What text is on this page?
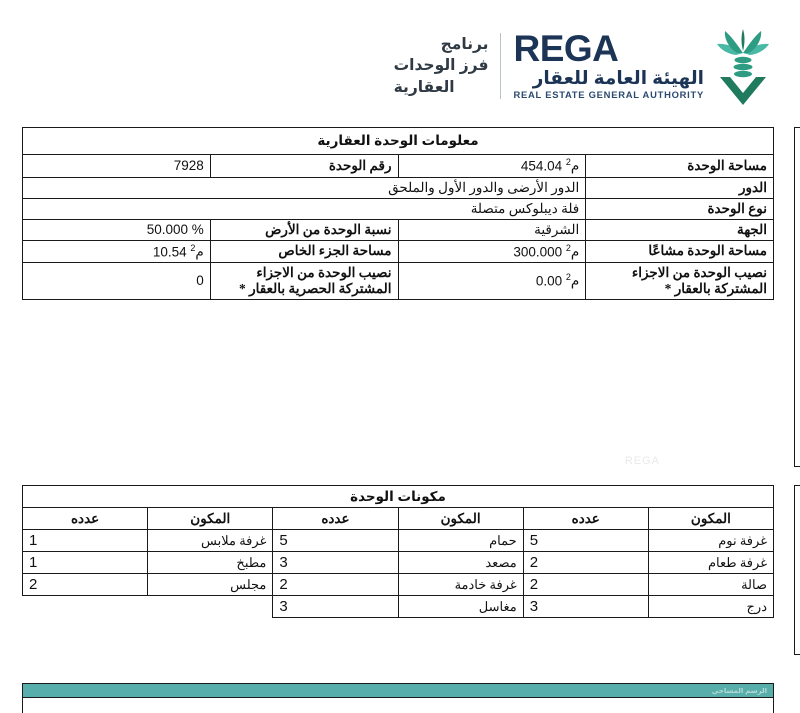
REGA
الهيئة العامة للعقار
REAL ESTATE GENERAL AUTHORITY
برنامج
فرز الوحدات
العقارية
معلومات الوحدة العقارية			
مساحة الوحدة	454.04 م$^2$	رقم الوحدة	7928
الدور	الدور الأرضى والدور الأول والملحق		
نوع الوحدة	فلة ديبلوكس متصلة		
الجهة	الشرقية	نسبة الوحدة من الأرض	50.000 %
مساحة الوحدة مشاعًا	300.000 م$^2$	مساحة الجزء الخاص	10.54 م$^2$
نصيب الوحدة من الاجزاء المشتركة بالعقار *	0.00 م$^2$	نصيب الوحدة من الاجزاء المشتركة الحصرية بالعقار *	0
REGA
مكونات الوحدة					
المكون	عدده	المكون	عدده	المكون	عدده
غرفة نوم	5	حمام	5	غرفة ملابس	1
غرفة طعام	2	مصعد	3	مطبخ	1
صالة	2	غرفة خادمة	2	مجلس	2
درج	3	مغاسل	3		
الرسم المساحي
